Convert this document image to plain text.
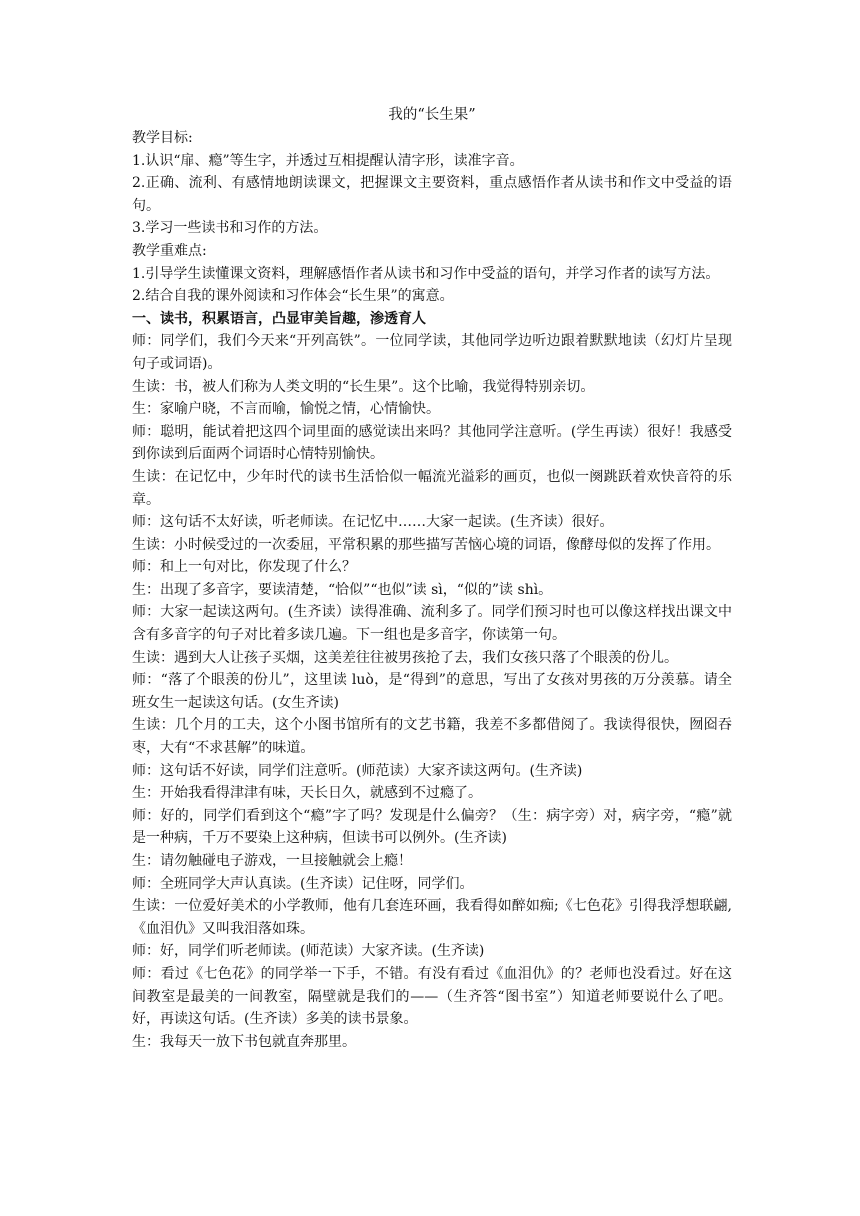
我的“长生果”

教学目标:

1.认识“扉、瘾”等生字，并透过互相提醒认清字形，读准字音。

2.正确、流利、有感情地朗读课文，把握课文主要资料，重点感悟作者从读书和作文中受益的语句。

3.学习一些读书和习作的方法。

教学重难点:

1.引导学生读懂课文资料，理解感悟作者从读书和习作中受益的语句，并学习作者的读写方法。

2.结合自我的课外阅读和习作体会“长生果”的寓意。

一、读书，积累语言，凸显审美旨趣，渗透育人

师：同学们，我们今天来“开列高铁”。一位同学读，其他同学边听边跟着默默地读（幻灯片呈现句子或词语)。

生读：书，被人们称为人类文明的“长生果”。这个比喻，我觉得特别亲切。

生：家喻户晓，不言而喻，愉悦之情，心情愉快。

师：聪明，能试着把这四个词里面的感觉读出来吗？其他同学注意听。(学生再读）很好！我感受到你读到后面两个词语时心情特别愉快。

生读：在记忆中，少年时代的读书生活恰似一幅流光溢彩的画页，也似一阕跳跃着欢快音符的乐章。

师：这句话不太好读，听老师读。在记忆中……大家一起读。(生齐读）很好。

生读：小时候受过的一次委屈，平常积累的那些描写苦恼心境的词语，像酵母似的发挥了作用。

师：和上一句对比，你发现了什么？

生：出现了多音字，要读清楚，“恰似”“也似”读 sì，“似的”读 shì。

师：大家一起读这两句。(生齐读）读得准确、流利多了。同学们预习时也可以像这样找出课文中含有多音字的句子对比着多读几遍。下一组也是多音字，你读第一句。

生读：遇到大人让孩子买烟，这美差往往被男孩抢了去，我们女孩只落了个眼羡的份儿。

师：“落了个眼羡的份儿”，这里读 luò，是“得到”的意思，写出了女孩对男孩的万分羡慕。请全班女生一起读这句话。(女生齐读)

生读：几个月的工夫，这个小图书馆所有的文艺书籍，我差不多都借阅了。我读得很快，囫囵吞枣，大有“不求甚解”的味道。

师：这句话不好读，同学们注意听。(师范读）大家齐读这两句。(生齐读)

生：开始我看得津津有味，天长日久，就感到不过瘾了。

师：好的，同学们看到这个“瘾”字了吗？发现是什么偏旁？（生：病字旁）对，病字旁，“瘾”就是一种病，千万不要染上这种病，但读书可以例外。(生齐读)

生：请勿触碰电子游戏，一旦接触就会上瘾！

师：全班同学大声认真读。(生齐读）记住呀，同学们。

生读：一位爱好美术的小学教师，他有几套连环画，我看得如醉如痴;《七色花》引得我浮想联翩,《血泪仇》又叫我泪落如珠。

师：好，同学们听老师读。(师范读）大家齐读。(生齐读)

师：看过《七色花》的同学举一下手，不错。有没有看过《血泪仇》的？老师也没看过。好在这间教室是最美的一间教室，隔壁就是我们的——（生齐答“图书室”）知道老师要说什么了吧。好，再读这句话。(生齐读）多美的读书景象。

生：我每天一放下书包就直奔那里。
